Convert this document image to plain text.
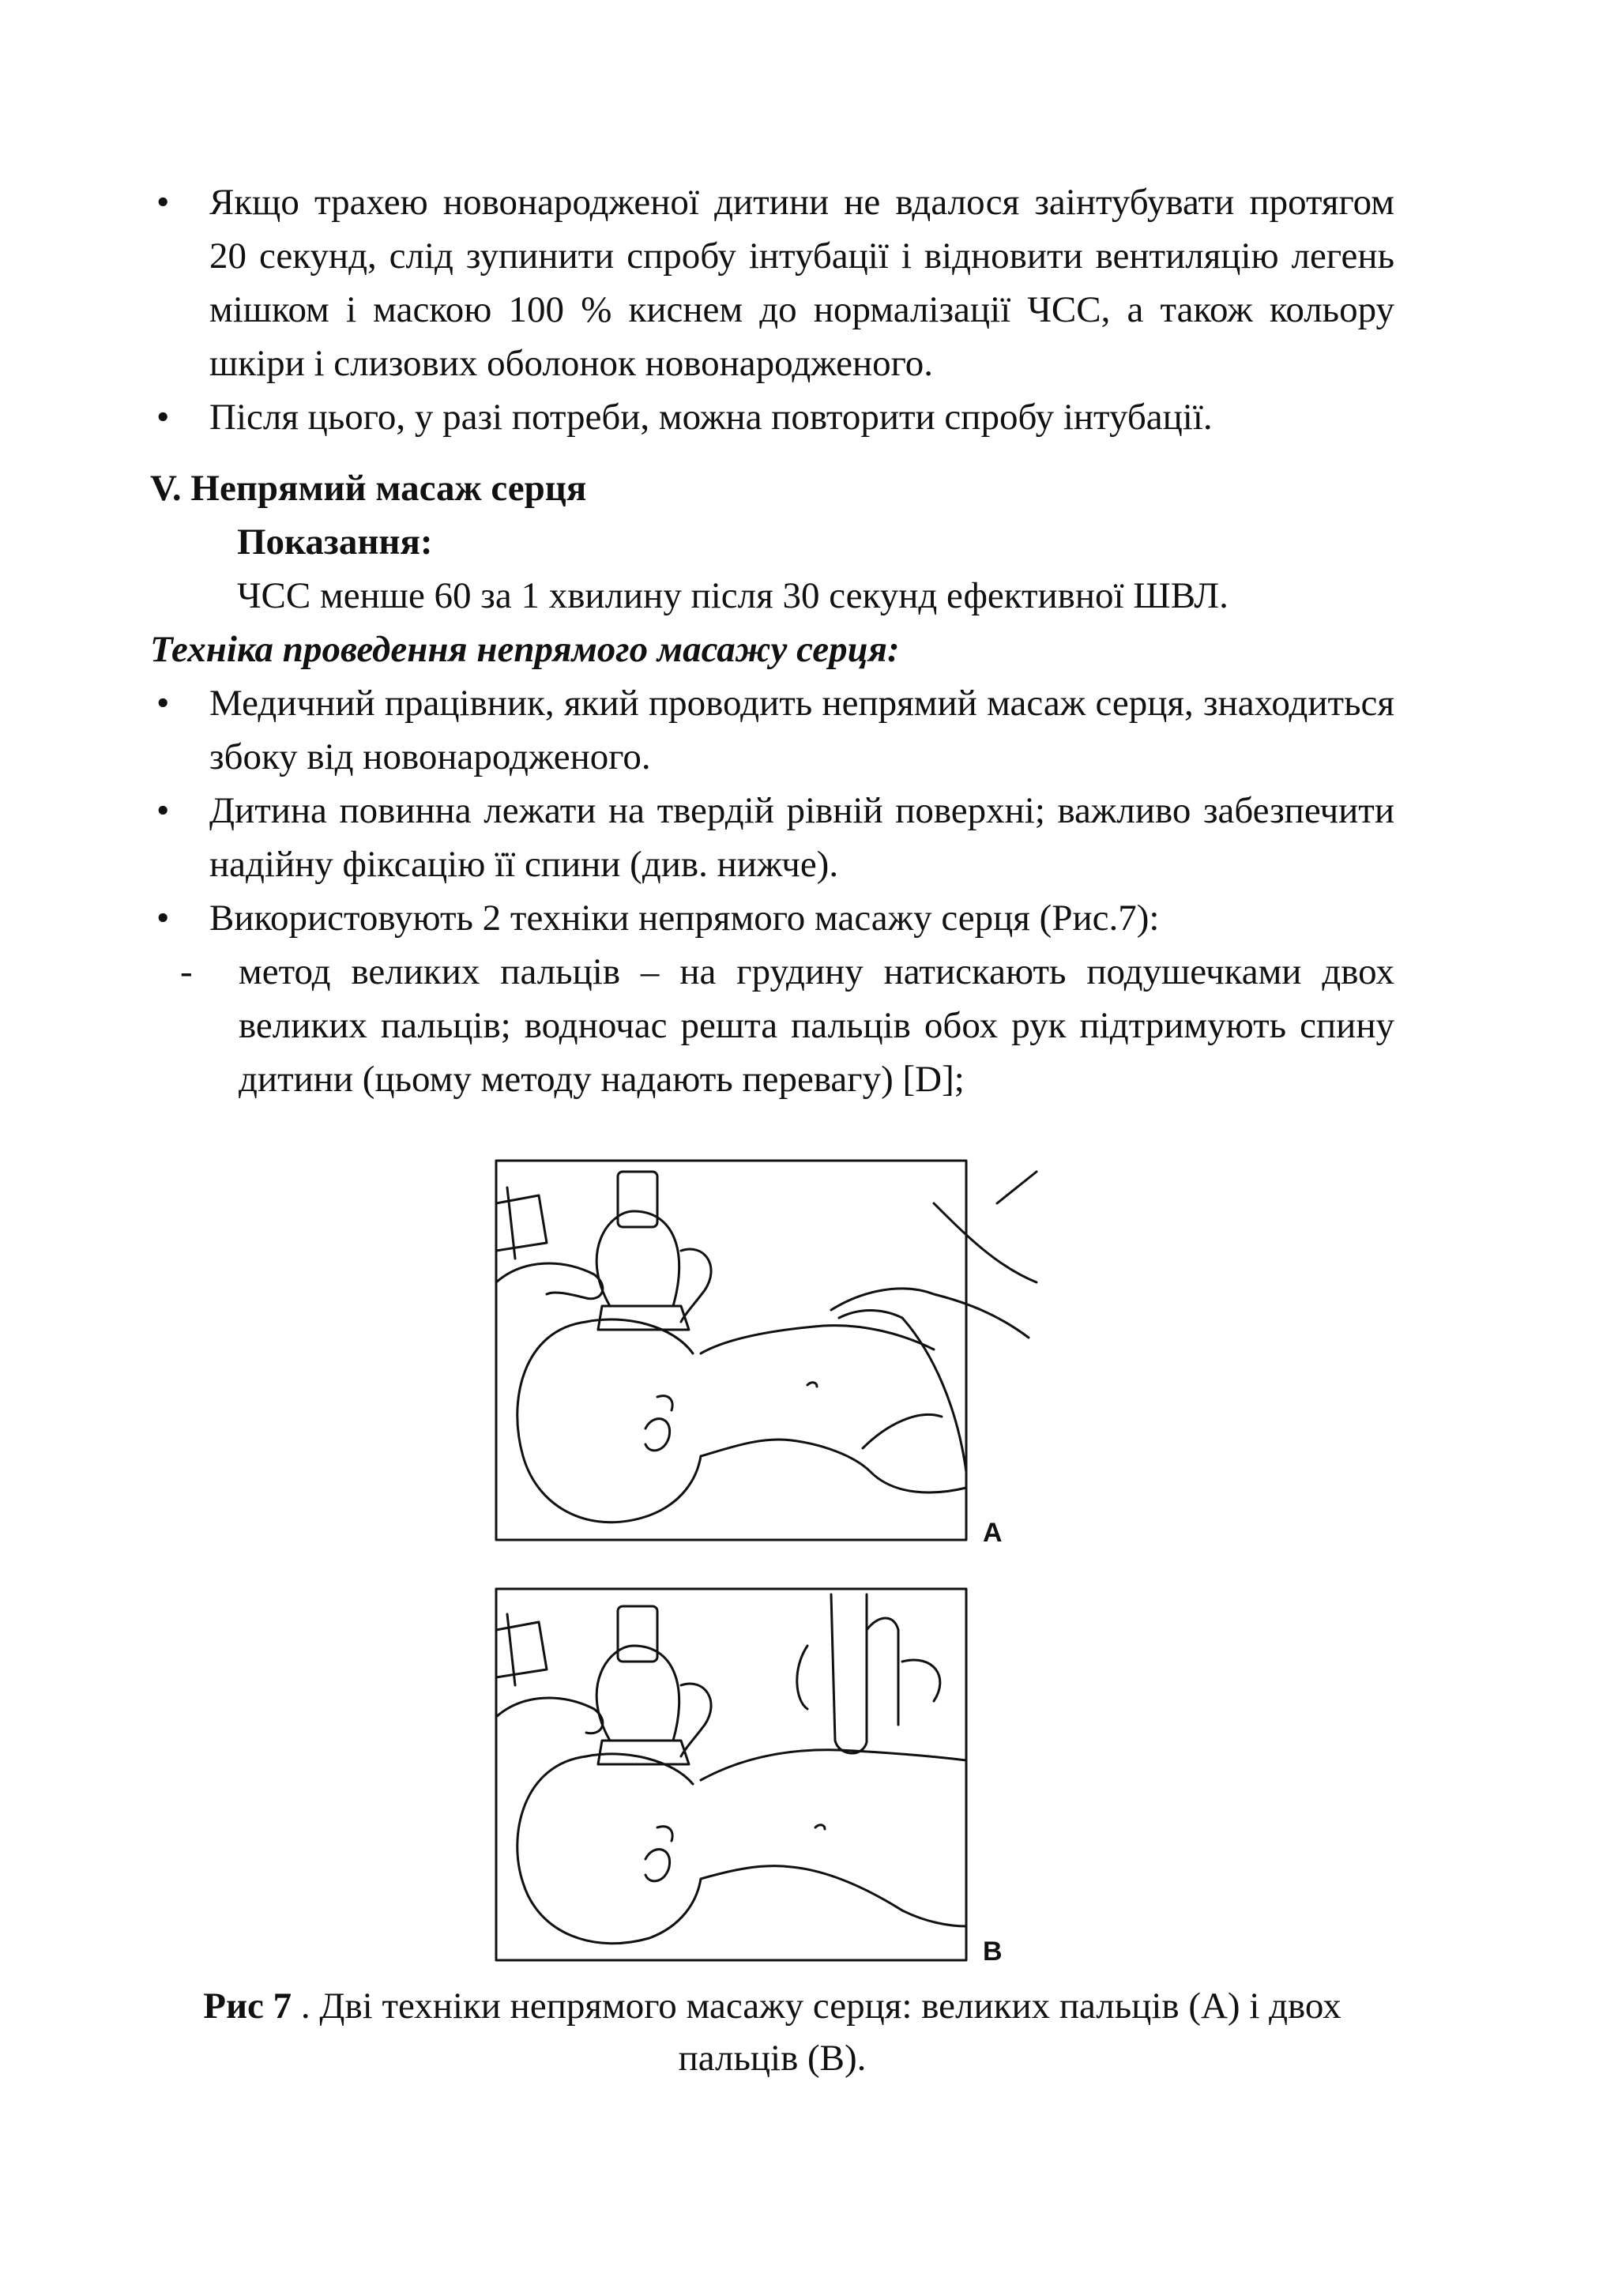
• Якщо трахею новонародженої дитини не вдалося заінтубувати протягом 20 секунд, слід зупинити спробу інтубації і відновити вентиляцію легень мішком і маскою 100 % киснем до нормалізації ЧСС, а також кольору шкіри і слизових оболонок новонародженого.
• Після цього, у разі потреби, можна повторити спробу інтубації.
V. Непрямий масаж серця
Показання:
ЧСС менше 60 за 1 хвилину після 30 секунд ефективної ШВЛ.
Техніка проведення непрямого масажу серця:
• Медичний працівник, який проводить непрямий масаж серця, знаходиться збоку від новонародженого.
• Дитина повинна лежати на твердій рівній поверхні; важливо забезпечити надійну фіксацію її спини (див. нижче).
• Використовують 2 техніки непрямого масажу серця (Рис.7):
- метод великих пальців – на грудину натискають подушечками двох великих пальців; водночас решта пальців обох рук підтримують спину дитини (цьому методу надають перевагу) [D];
A
B
Рис 7 . Дві техніки непрямого масажу серця: великих пальців (А) і двох пальців (В).
